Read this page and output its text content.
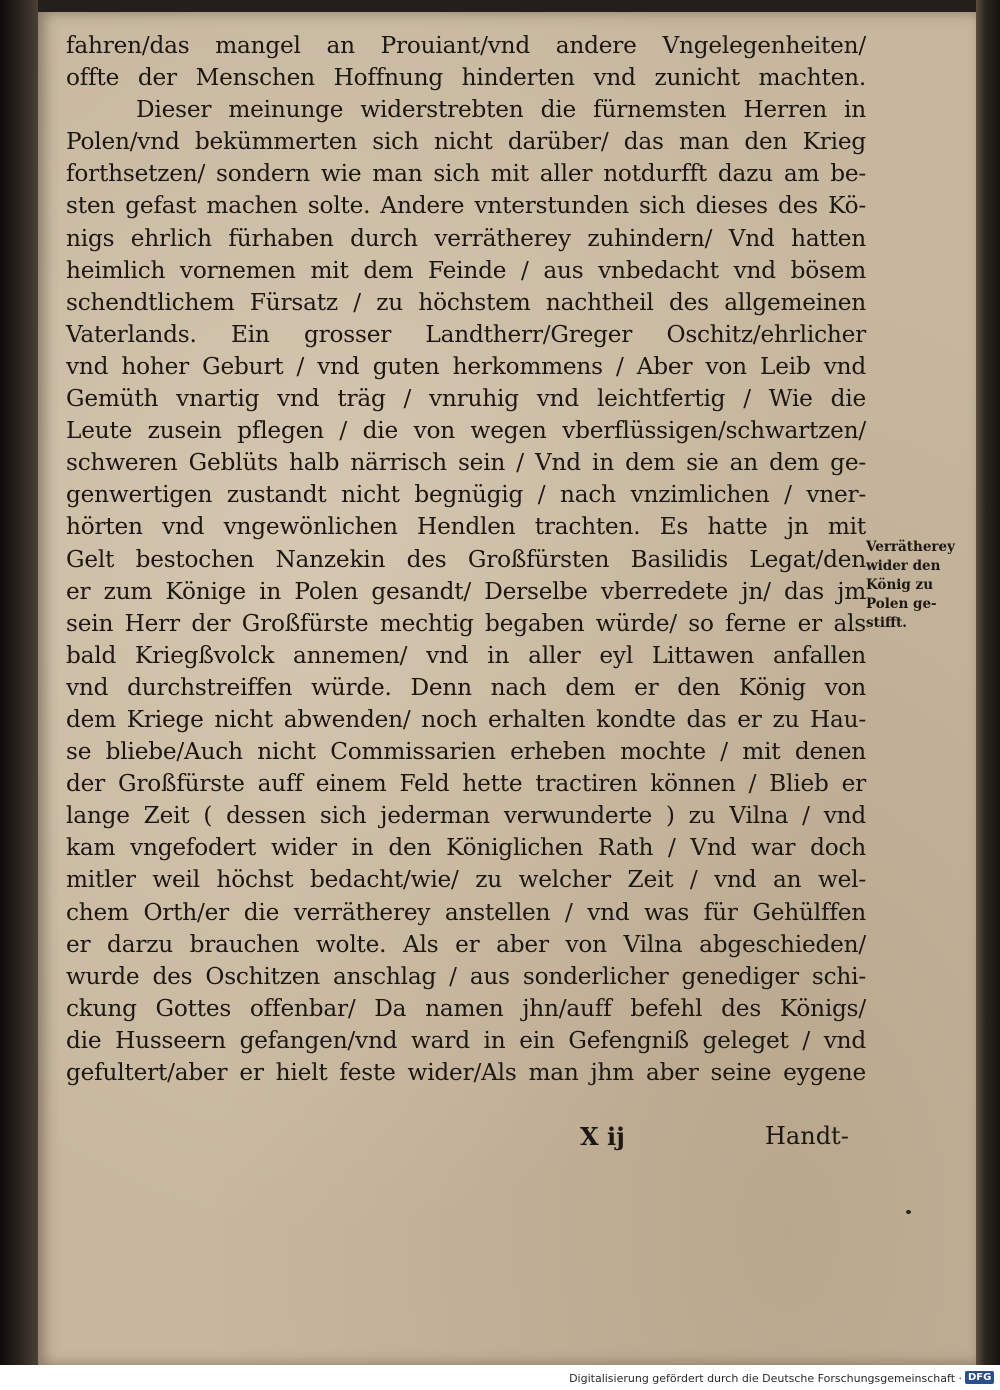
fahren/das mangel an Prouiant/vnd andere Vngelegenheiten/
offte der Menschen Hoffnung hinderten vnd zunicht machten.
Dieser meinunge widerstrebten die fürnemsten Herren in
Polen/vnd bekümmerten sich nicht darüber/ das man den Krieg
forthsetzen/ sondern wie man sich mit aller notdurfft dazu am be-
sten gefast machen solte. Andere vnterstunden sich dieses des Kö-
nigs ehrlich fürhaben durch verrätherey zuhindern/ Vnd hatten
heimlich vornemen mit dem Feinde / aus vnbedacht vnd bösem
schendtlichem Fürsatz / zu höchstem nachtheil des allgemeinen
Vaterlands. Ein grosser Landtherr/Greger Oschitz/ehrlicher
vnd hoher Geburt / vnd guten herkommens / Aber von Leib vnd
Gemüth vnartig vnd träg / vnruhig vnd leichtfertig / Wie die
Leute zusein pflegen / die von wegen vberflüssigen/schwartzen/
schweren Geblüts halb närrisch sein / Vnd in dem sie an dem ge-
genwertigen zustandt nicht begnügig / nach vnzimlichen / vner-
hörten vnd vngewönlichen Hendlen trachten. Es hatte jn mit
Gelt bestochen Nanzekin des Großfürsten Basilidis Legat/den
er zum Könige in Polen gesandt/ Derselbe vberredete jn/ das jm
sein Herr der Großfürste mechtig begaben würde/ so ferne er als
bald Kriegßvolck annemen/ vnd in aller eyl Littawen anfallen
vnd durchstreiffen würde. Denn nach dem er den König von
dem Kriege nicht abwenden/ noch erhalten kondte das er zu Hau-
se bliebe/Auch nicht Commissarien erheben mochte / mit denen
der Großfürste auff einem Feld hette tractiren können / Blieb er
lange Zeit ( dessen sich jederman verwunderte ) zu Vilna / vnd
kam vngefodert wider in den Königlichen Rath / Vnd war doch
mitler weil höchst bedacht/wie/ zu welcher Zeit / vnd an wel-
chem Orth/er die verrätherey anstellen / vnd was für Gehülffen
er darzu brauchen wolte. Als er aber von Vilna abgeschieden/
wurde des Oschitzen anschlag / aus sonderlicher genediger schi-
ckung Gottes offenbar/ Da namen jhn/auff befehl des Königs/
die Husseern gefangen/vnd ward in ein Gefengniß geleget / vnd
gefultert/aber er hielt feste wider/Als man jhm aber seine eygene
Verrätherey
wider den
König zu
Polen ge-
stifft.
X ij	Handt-
Digitalisierung gefördert durch die Deutsche Forschungsgemeinschaft · DFG
